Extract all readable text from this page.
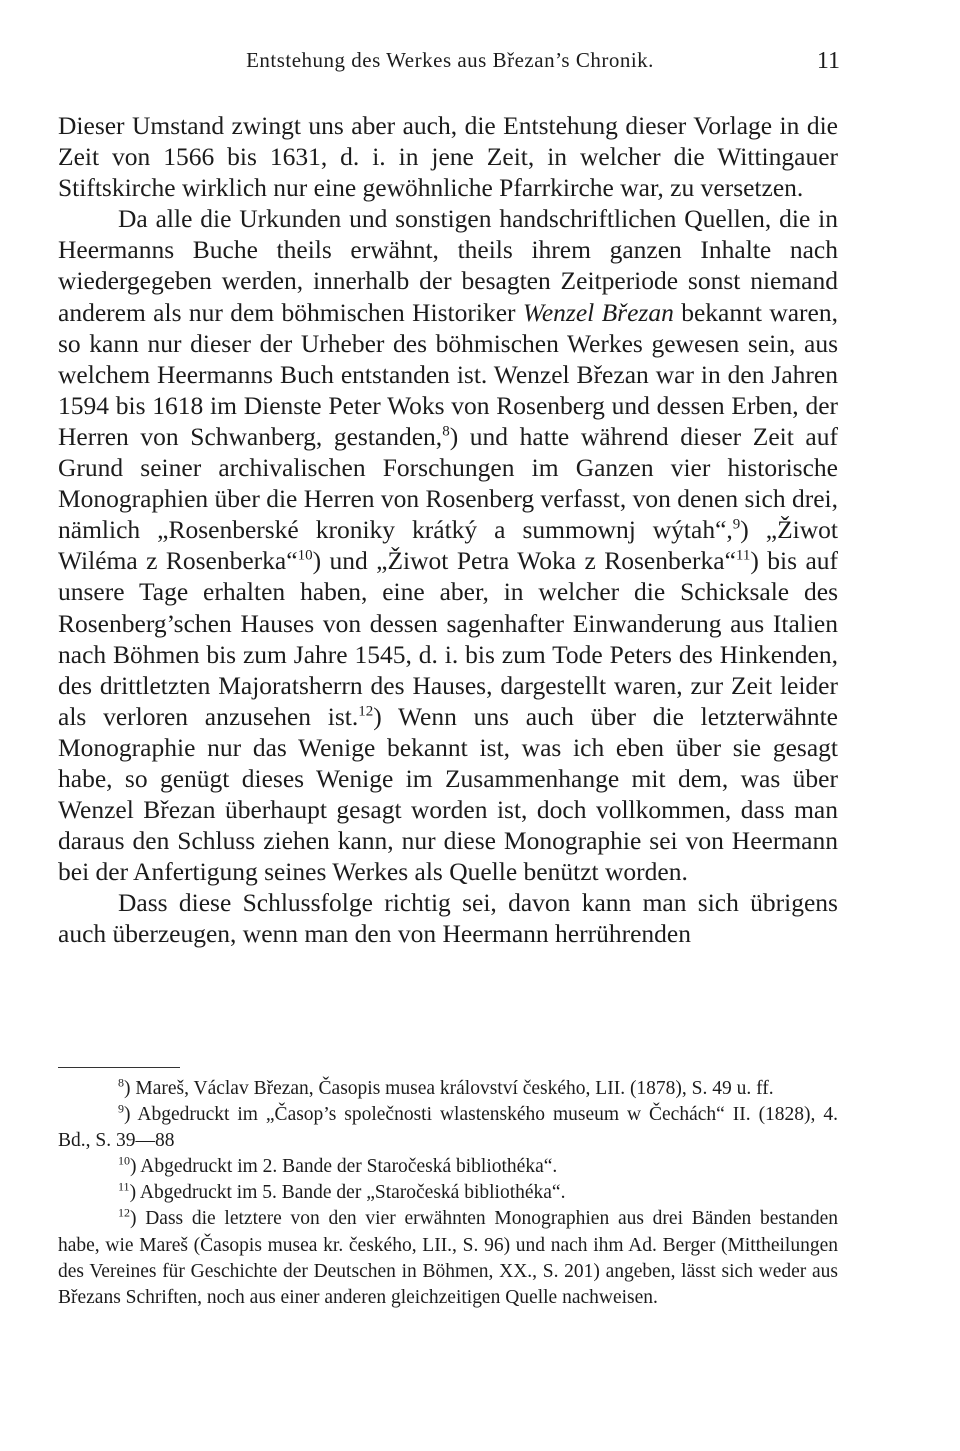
Entstehung des Werkes aus Březan’s Chronik.	11

Dieser Umstand zwingt uns aber auch, die Entstehung dieser Vorlage in die Zeit von 1566 bis 1631, d. i. in jene Zeit, in welcher die Wittingauer Stiftskirche wirklich nur eine gewöhnliche Pfarrkirche war, zu versetzen.

Da alle die Urkunden und sonstigen handschriftlichen Quellen, die in Heermanns Buche theils erwähnt, theils ihrem ganzen Inhalte nach wiedergegeben werden, innerhalb der besagten Zeitperiode sonst niemand anderem als nur dem böhmischen Historiker Wenzel Březan bekannt waren, so kann nur dieser der Urheber des böhmischen Werkes gewesen sein, aus welchem Heermanns Buch entstanden ist. Wenzel Březan war in den Jahren 1594 bis 1618 im Dienste Peter Woks von Rosenberg und dessen Erben, der Herren von Schwanberg, gestanden,$^8$) und hatte während dieser Zeit auf Grund seiner archivalischen Forschungen im Ganzen vier historische Monographien über die Herren von Rosenberg verfasst, von denen sich drei, nämlich „Rosenberské kroniky krátký a summownj wýtah“,$^9$) „Žiwot Wiléma z Rosenberka“$^{10}$) und „Žiwot Petra Woka z Rosenberka“$^{11}$) bis auf unsere Tage erhalten haben, eine aber, in welcher die Schicksale des Rosenberg’schen Hauses von dessen sagenhafter Einwanderung aus Italien nach Böhmen bis zum Jahre 1545, d. i. bis zum Tode Peters des Hinkenden, des drittletzten Majoratsherrn des Hauses, dargestellt waren, zur Zeit leider als verloren anzusehen ist.$^{12}$) Wenn uns auch über die letzterwähnte Monographie nur das Wenige bekannt ist, was ich eben über sie gesagt habe, so genügt dieses Wenige im Zusammenhange mit dem, was über Wenzel Březan überhaupt gesagt worden ist, doch vollkommen, dass man daraus den Schluss ziehen kann, nur diese Monographie sei von Heermann bei der Anfertigung seines Werkes als Quelle benützt worden.

Dass diese Schlussfolge richtig sei, davon kann man sich übrigens auch überzeugen, wenn man den von Heermann herrührenden

$^8$) Mareš, Václav Březan, Časopis musea království českého, LII. (1878), S. 49 u. ff.

$^9$) Abgedruckt im „Časop’s společnosti wlastenského museum w Čechách“ II. (1828), 4. Bd., S. 39—88

$^{10}$) Abgedruckt im 2. Bande der Staročeská bibliothéka“.

$^{11}$) Abgedruckt im 5. Bande der „Staročeská bibliothéka“.

$^{12}$) Dass die letztere von den vier erwähnten Monographien aus drei Bänden bestanden habe, wie Mareš (Časopis musea kr. českého, LII., S. 96) und nach ihm Ad. Berger (Mittheilungen des Vereines für Geschichte der Deutschen in Böhmen, XX., S. 201) angeben, lässt sich weder aus Březans Schriften, noch aus einer anderen gleichzeitigen Quelle nachweisen.
